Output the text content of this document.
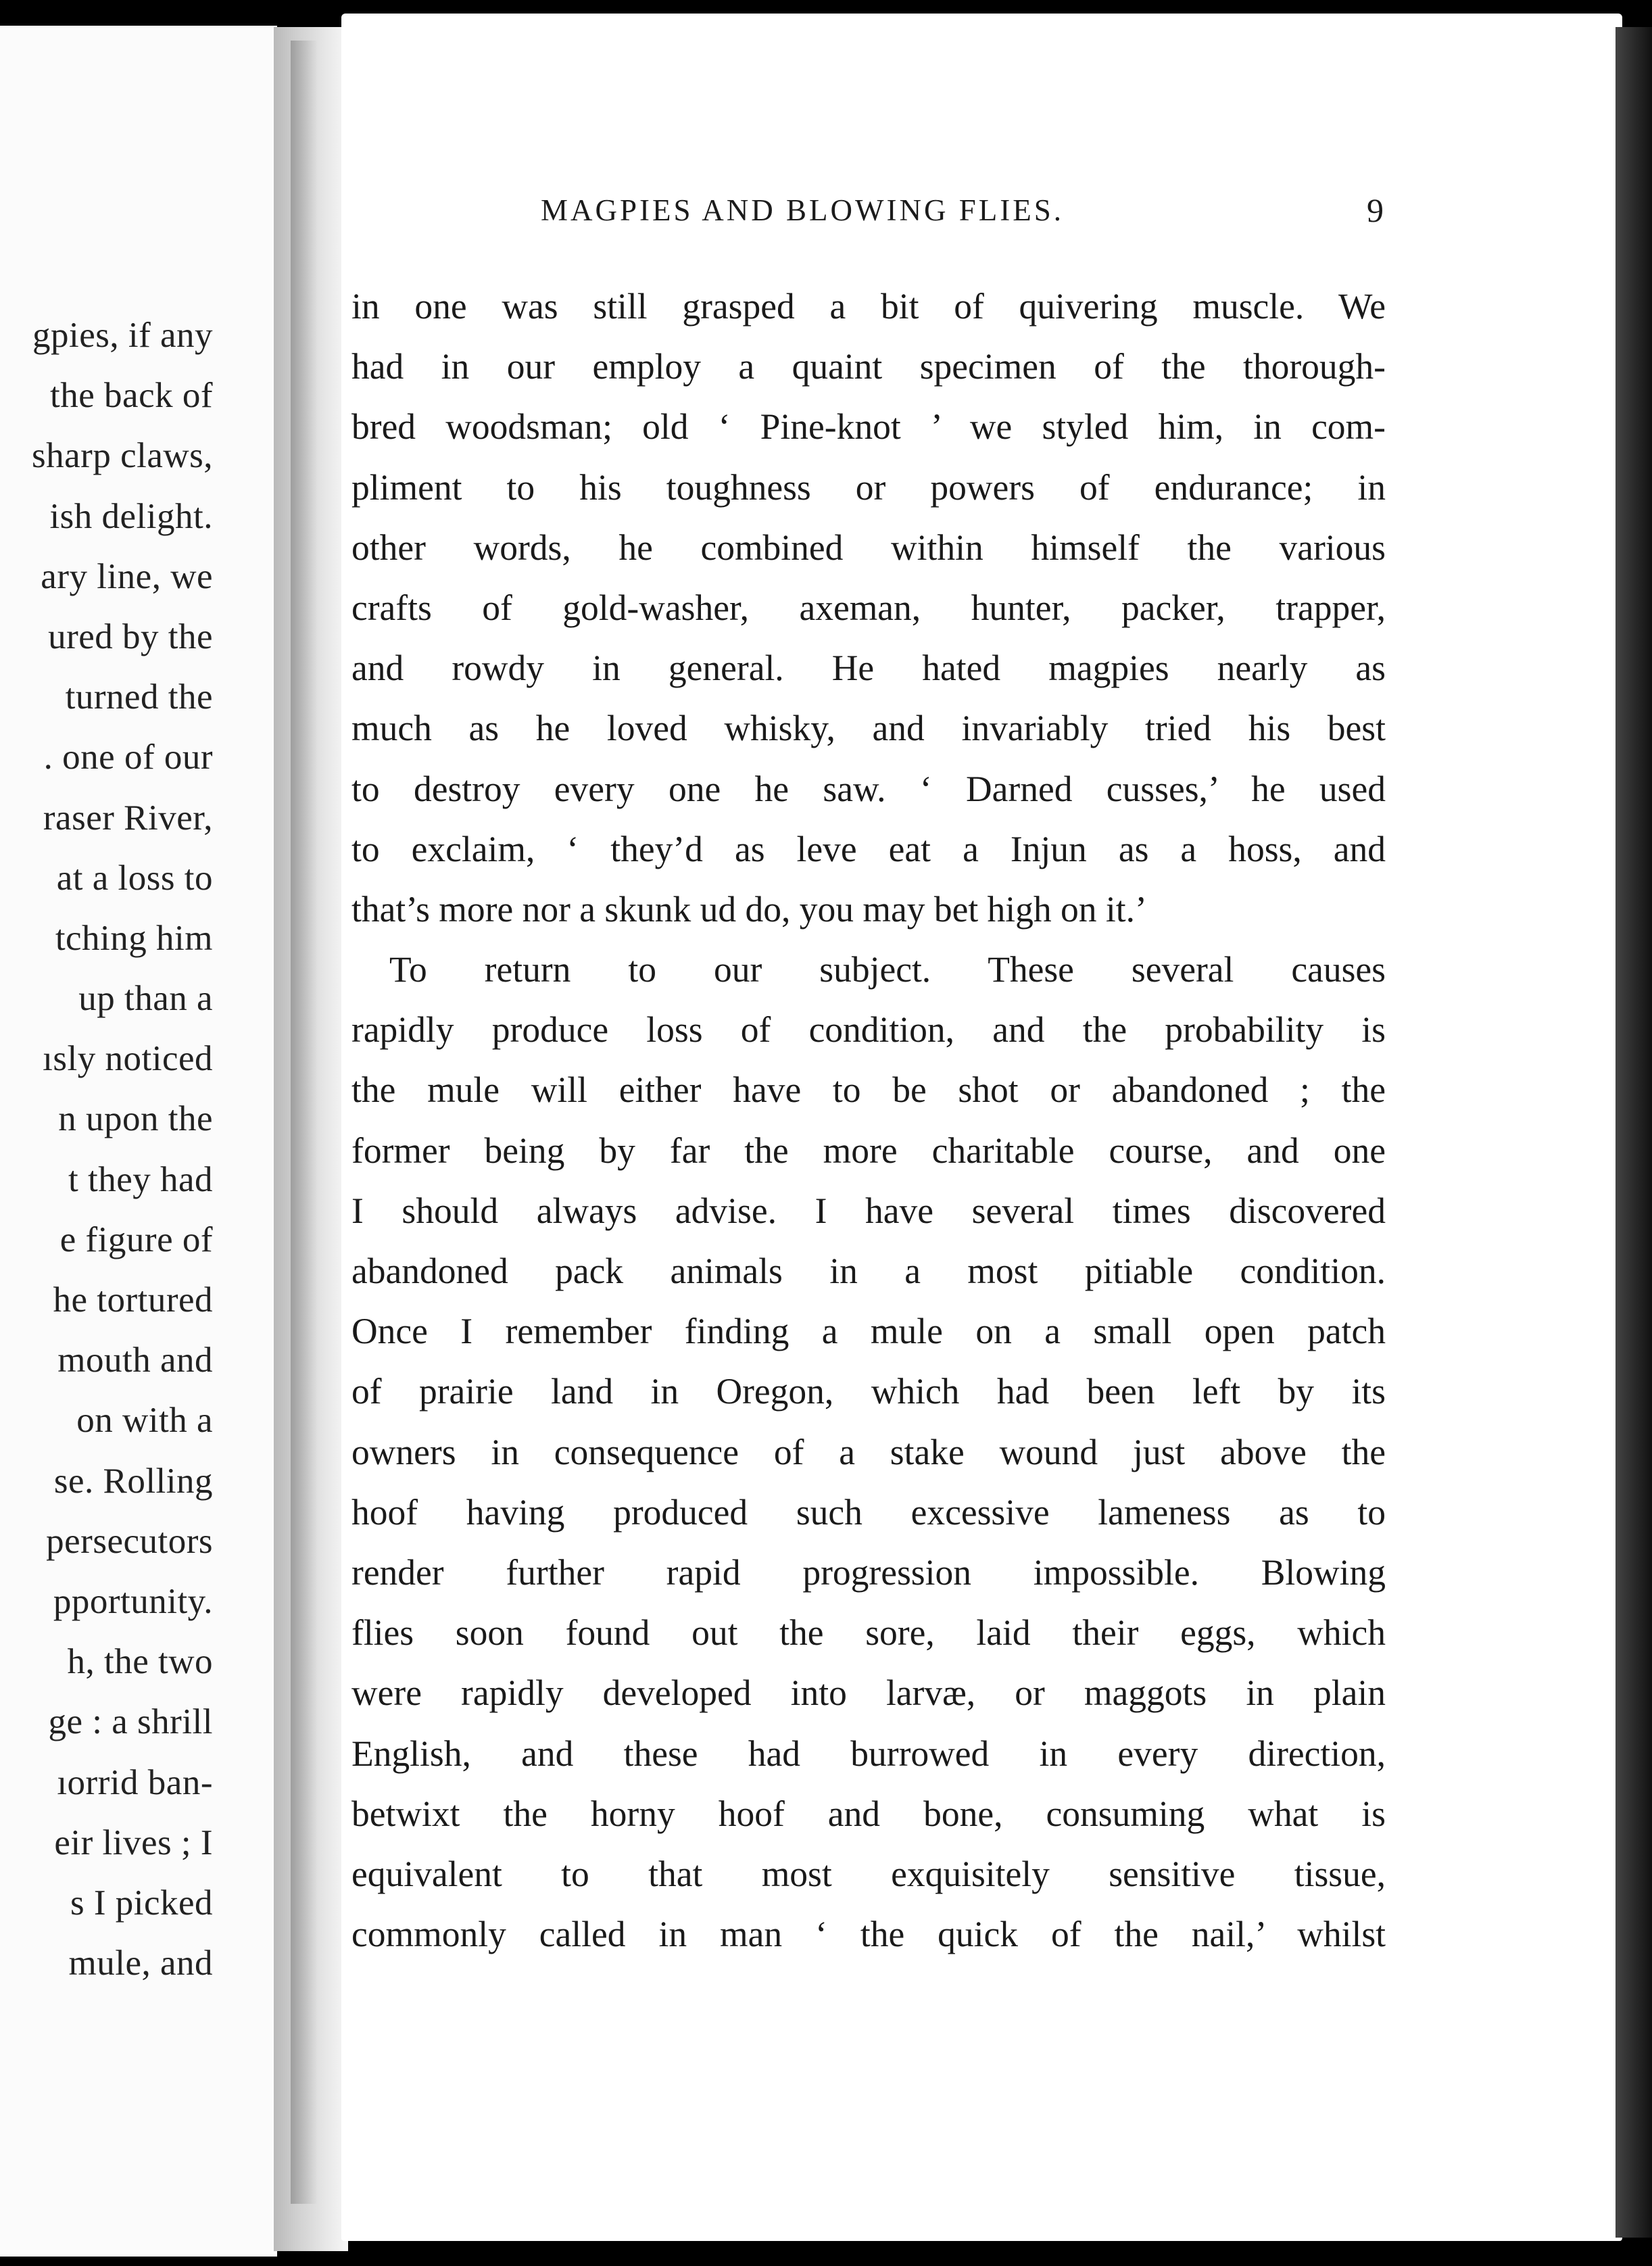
gpies, if any
the back of
sharp claws,
ish delight.
ary line, we
ured by the
turned the
. one of our
raser River,
at a loss to
tching him
up than a
ısly noticed
n upon the
t they had
e figure of
he tortured
mouth and
on with a
se. Rolling
persecutors
pportunity.
h, the two
ge : a shrill
ıorrid ban-
eir lives ; I
s I picked
mule, and
MAGPIES AND BLOWING FLIES.	9
in one was still grasped a bit of quivering muscle. We
had in our employ a quaint specimen of the thorough-
bred woodsman; old ‘ Pine-knot ’ we styled him, in com-
pliment to his toughness or powers of endurance; in
other words, he combined within himself the various
crafts of gold-washer, axeman, hunter, packer, trapper,
and rowdy in general. He hated magpies nearly as
much as he loved whisky, and invariably tried his best
to destroy every one he saw. ‘ Darned cusses,’ he used
to exclaim, ‘ they’d as leve eat a Injun as a hoss, and
that’s more nor a skunk ud do, you may bet high on it.’
To return to our subject. These several causes
rapidly produce loss of condition, and the probability is
the mule will either have to be shot or abandoned ; the
former being by far the more charitable course, and one
I should always advise. I have several times discovered
abandoned pack animals in a most pitiable condition.
Once I remember finding a mule on a small open patch
of prairie land in Oregon, which had been left by its
owners in consequence of a stake wound just above the
hoof having produced such excessive lameness as to
render further rapid progression impossible. Blowing
flies soon found out the sore, laid their eggs, which
were rapidly developed into larvæ, or maggots in plain
English, and these had burrowed in every direction,
betwixt the horny hoof and bone, consuming what is
equivalent to that most exquisitely sensitive tissue,
commonly called in man ‘ the quick of the nail,’ whilst
